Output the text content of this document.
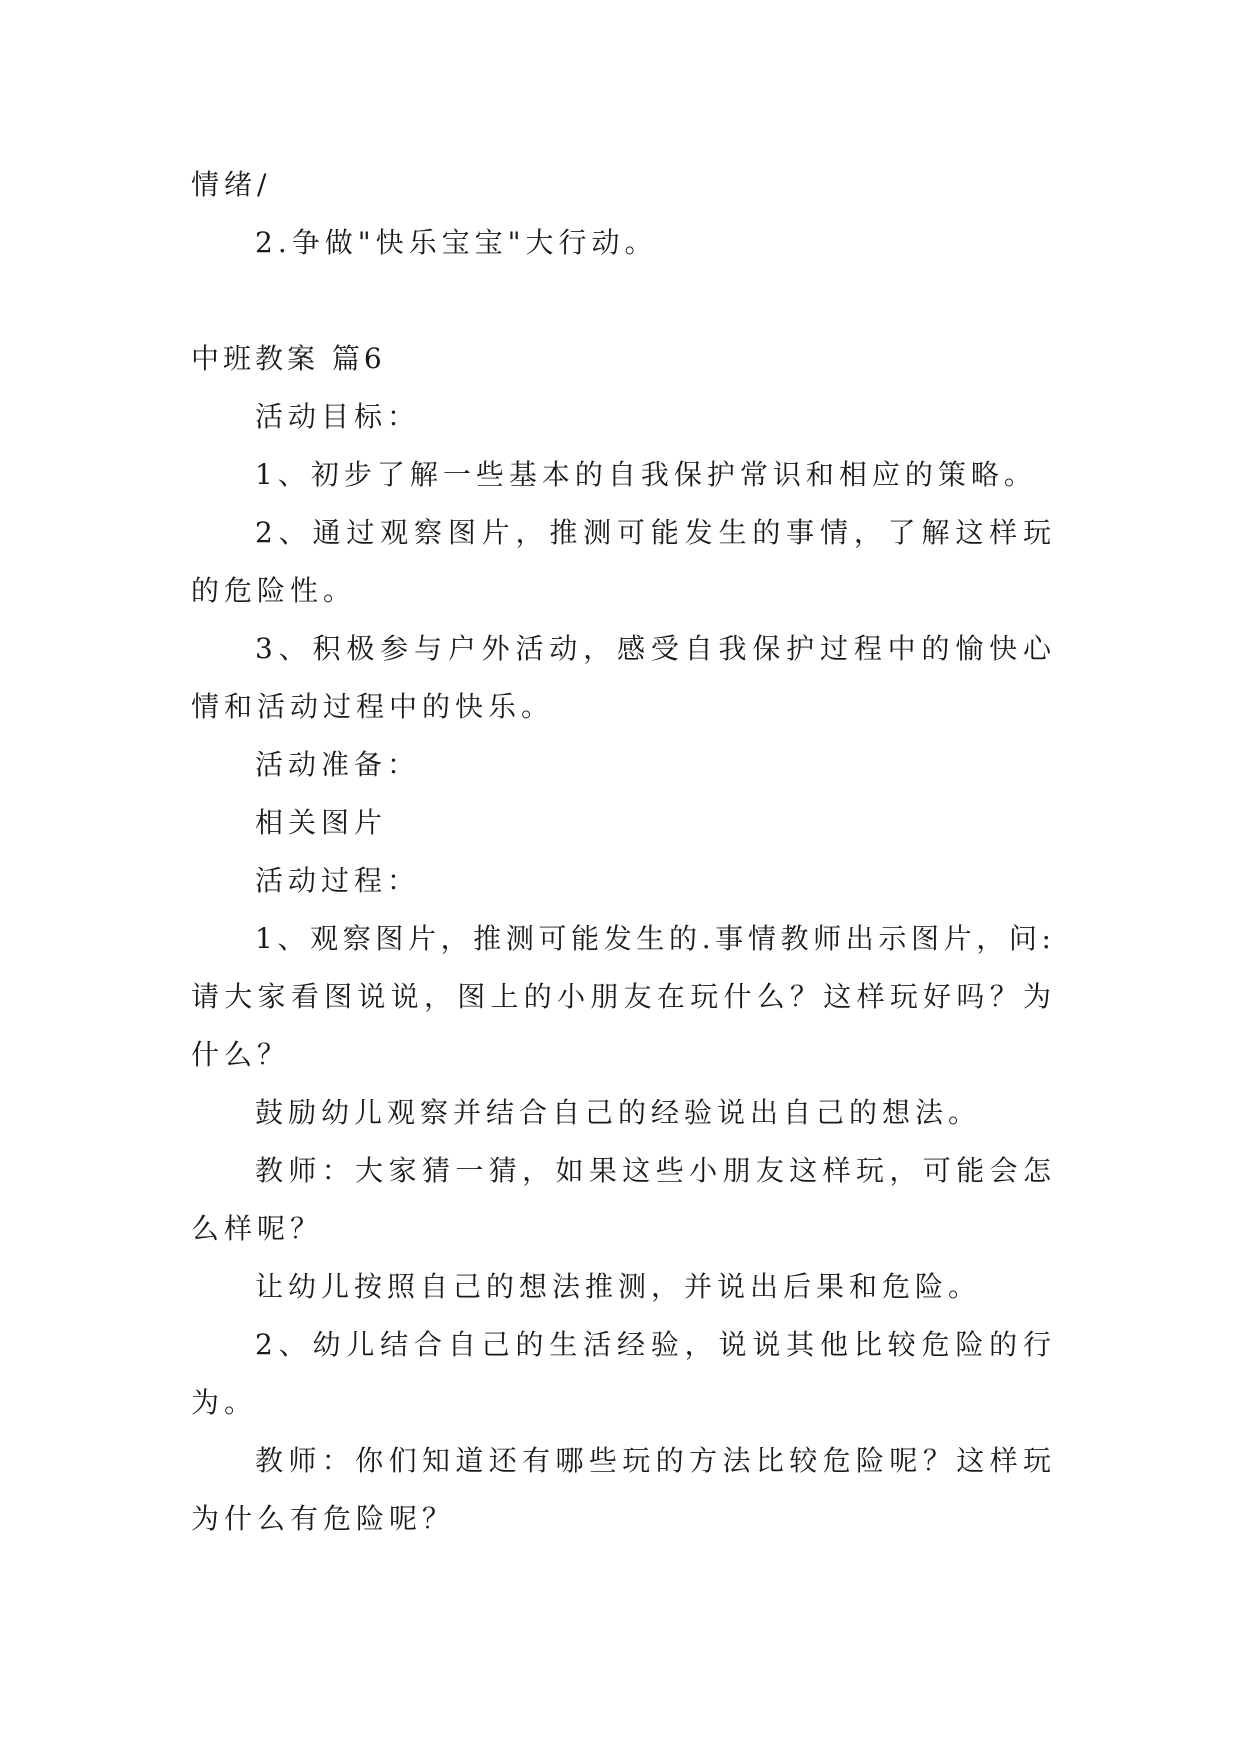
情绪/
2.争做"快乐宝宝"大行动。
中班教案 篇6
活动目标：
1、初步了解一些基本的自我保护常识和相应的策略。
2、通过观察图片，推测可能发生的事情，了解这样玩
的危险性。
3、积极参与户外活动，感受自我保护过程中的愉快心
情和活动过程中的快乐。
活动准备：
相关图片
活动过程：
1、观察图片，推测可能发生的.事情教师出示图片，问:
请大家看图说说，图上的小朋友在玩什么？这样玩好吗？为
什么？
鼓励幼儿观察并结合自己的经验说出自己的想法。
教师：大家猜一猜，如果这些小朋友这样玩，可能会怎
么样呢？
让幼儿按照自己的想法推测，并说出后果和危险。
2、幼儿结合自己的生活经验，说说其他比较危险的行
为。
教师：你们知道还有哪些玩的方法比较危险呢？这样玩
为什么有危险呢？
